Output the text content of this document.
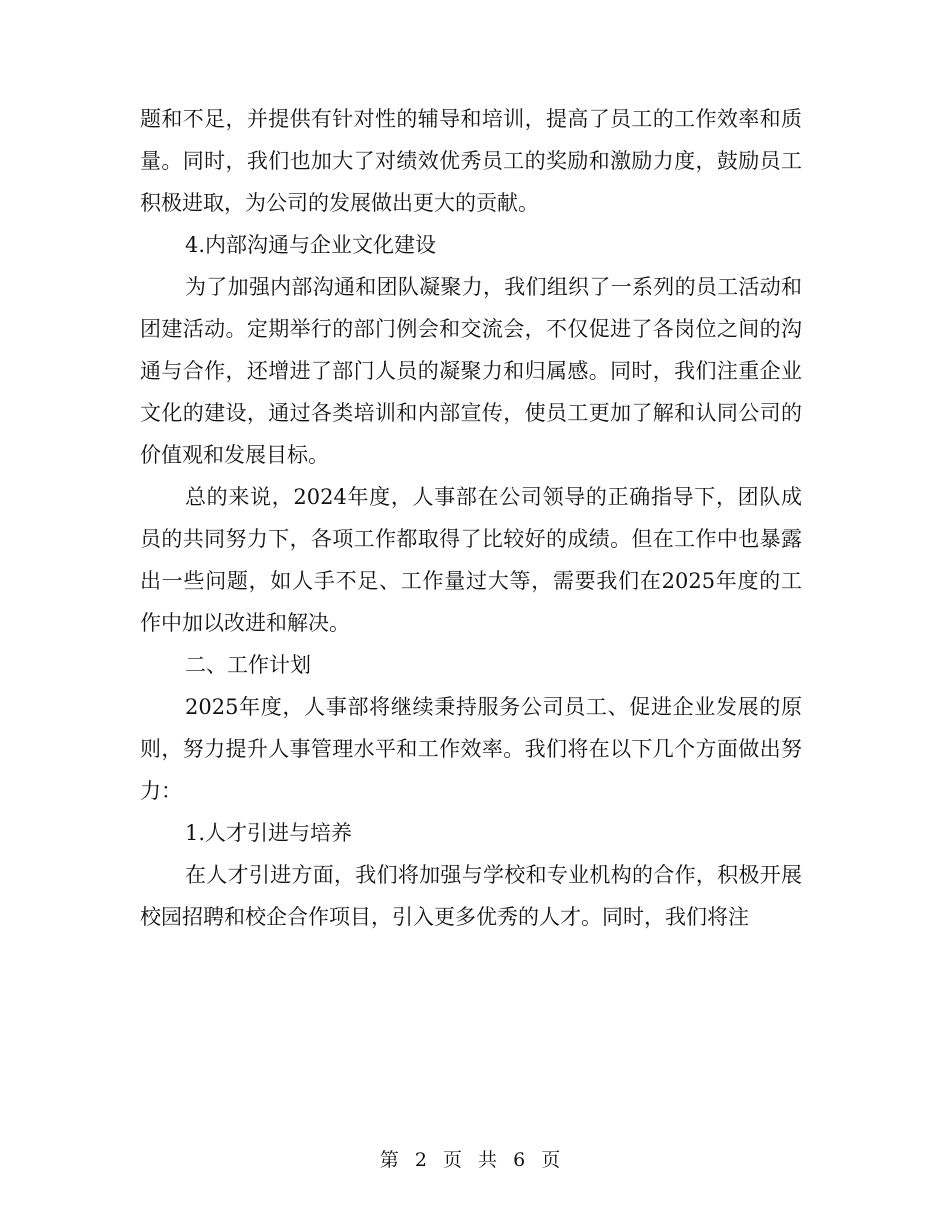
题和不足，并提供有针对性的辅导和培训，提高了员工的工作效率和质量。同时，我们也加大了对绩效优秀员工的奖励和激励力度，鼓励员工积极进取，为公司的发展做出更大的贡献。

4.内部沟通与企业文化建设

为了加强内部沟通和团队凝聚力，我们组织了一系列的员工活动和团建活动。定期举行的部门例会和交流会，不仅促进了各岗位之间的沟通与合作，还增进了部门人员的凝聚力和归属感。同时，我们注重企业文化的建设，通过各类培训和内部宣传，使员工更加了解和认同公司的价值观和发展目标。

总的来说，2024年度，人事部在公司领导的正确指导下，团队成员的共同努力下，各项工作都取得了比较好的成绩。但在工作中也暴露出一些问题，如人手不足、工作量过大等，需要我们在2025年度的工作中加以改进和解决。

二、工作计划

2025年度，人事部将继续秉持服务公司员工、促进企业发展的原则，努力提升人事管理水平和工作效率。我们将在以下几个方面做出努力：

1.人才引进与培养

在人才引进方面，我们将加强与学校和专业机构的合作，积极开展校园招聘和校企合作项目，引入更多优秀的人才。同时，我们将注

第 2 页 共 6 页
